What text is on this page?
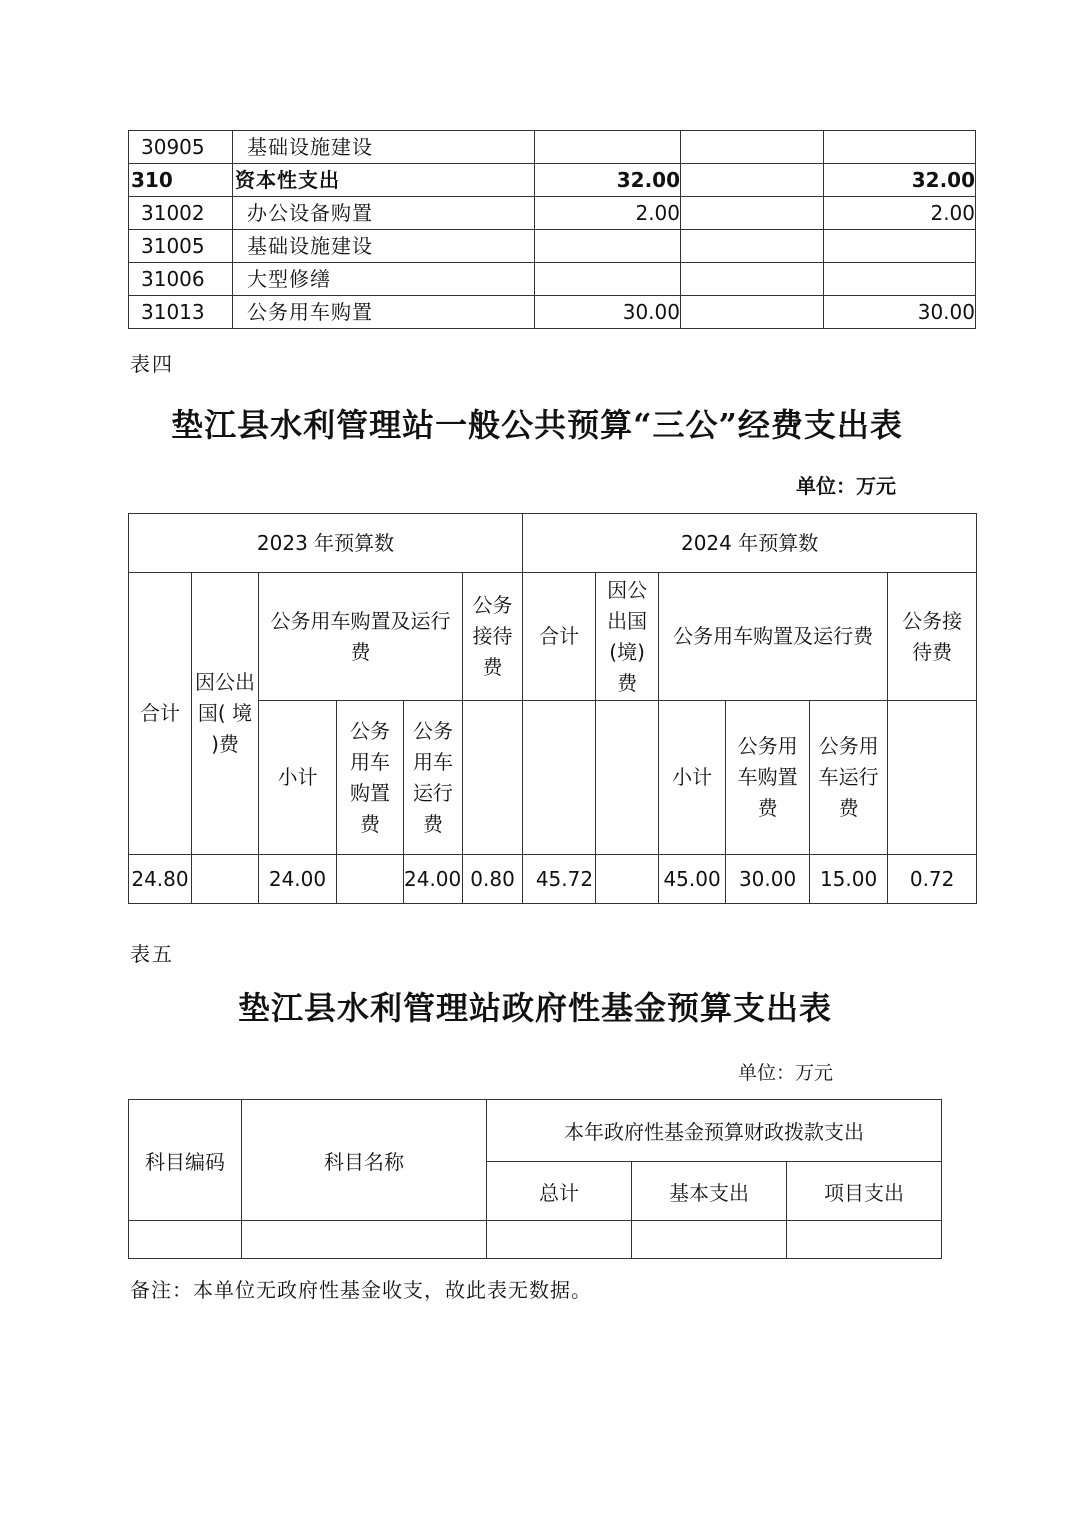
30905	基础设施建设			
310	资本性支出	32.00		32.00
31002	办公设备购置	2.00		2.00
31005	基础设施建设			
31006	大型修缮			
31013	公务用车购置	30.00		30.00
表四
垫江县水利管理站一般公共预算“三公”经费支出表
单位：万元
2023 年预算数						2024 年预算数					
合计	因公出国( 境 )费	公务用车购置及运行费			公务接待费	合计	因公出国(境)费	公务用车购置及运行费			公务接待费

		小计	公务用车购置费	公务用车运行费				小计	公务用车购置费	公务用车运行费	

24.80		24.00		24.00	0.80	45.72		45.00	30.00	15.00	0.72
表五
垫江县水利管理站政府性基金预算支出表
单位：万元
科目编码	科目名称	本年政府性基金预算财政拨款支出		
		总计	基本支出	项目支出

备注：本单位无政府性基金收支，故此表无数据。
